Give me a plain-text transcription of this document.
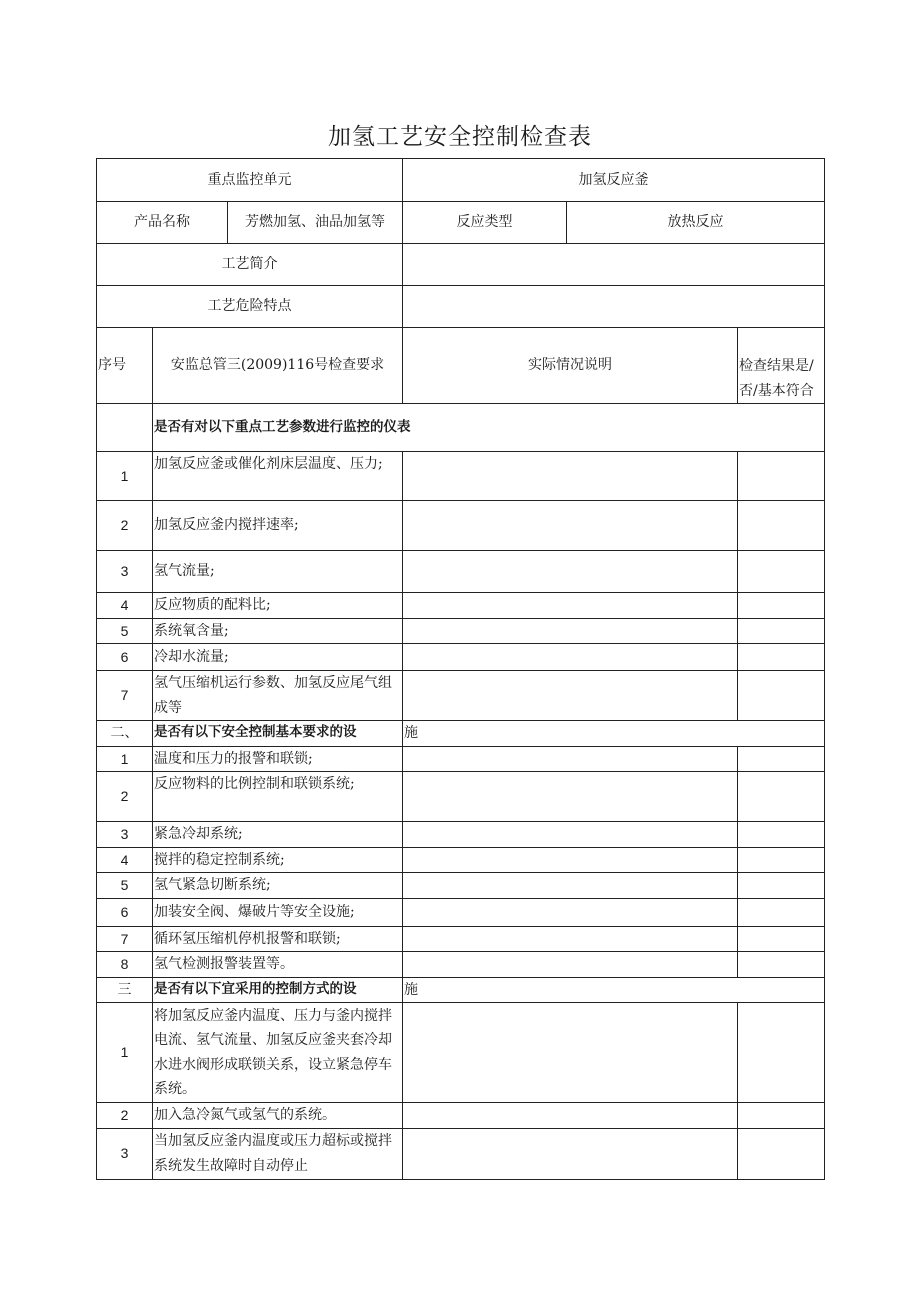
加氢工艺安全控制检查表
重点监控单元			加氢反应釜		
产品名称		芳燃加氢、油品加氢等	反应类型	放热反应	
工艺简介					
工艺危险特点					
序号	安监总管三(2009)116号检查要求		实际情况说明		检查结果是/否/基本符合
	是否有对以下重点工艺参数进行监控的仪表				
1	加氢反应釜或催化剂床层温度、压力;				
2	加氢反应釜内搅拌速率;				
3	氢气流量;				
4	反应物质的配料比;				
5	系统氧含量;				
6	冷却水流量;				
7	氢气压缩机运行参数、加氢反应尾气组成等				
二、	是否有以下安全控制基本要求的设		施		
1	温度和压力的报警和联锁;				
2	反应物料的比例控制和联锁系统;				
3	紧急冷却系统;				
4	搅拌的稳定控制系统;				
5	氢气紧急切断系统;				
6	加装安全阀、爆破片等安全设施;				
7	循环氢压缩机停机报警和联锁;				
8	氢气检测报警装置等。				
三	是否有以下宜采用的控制方式的设		施		
1	将加氢反应釜内温度、压力与釜内搅拌电流、氢气流量、加氢反应釜夹套冷却水进水阀形成联锁关系，设立紧急停车系统。				
2	加入急冷氮气或氢气的系统。				
3	当加氢反应釜内温度或压力超标或搅拌系统发生故障时自动停止				
